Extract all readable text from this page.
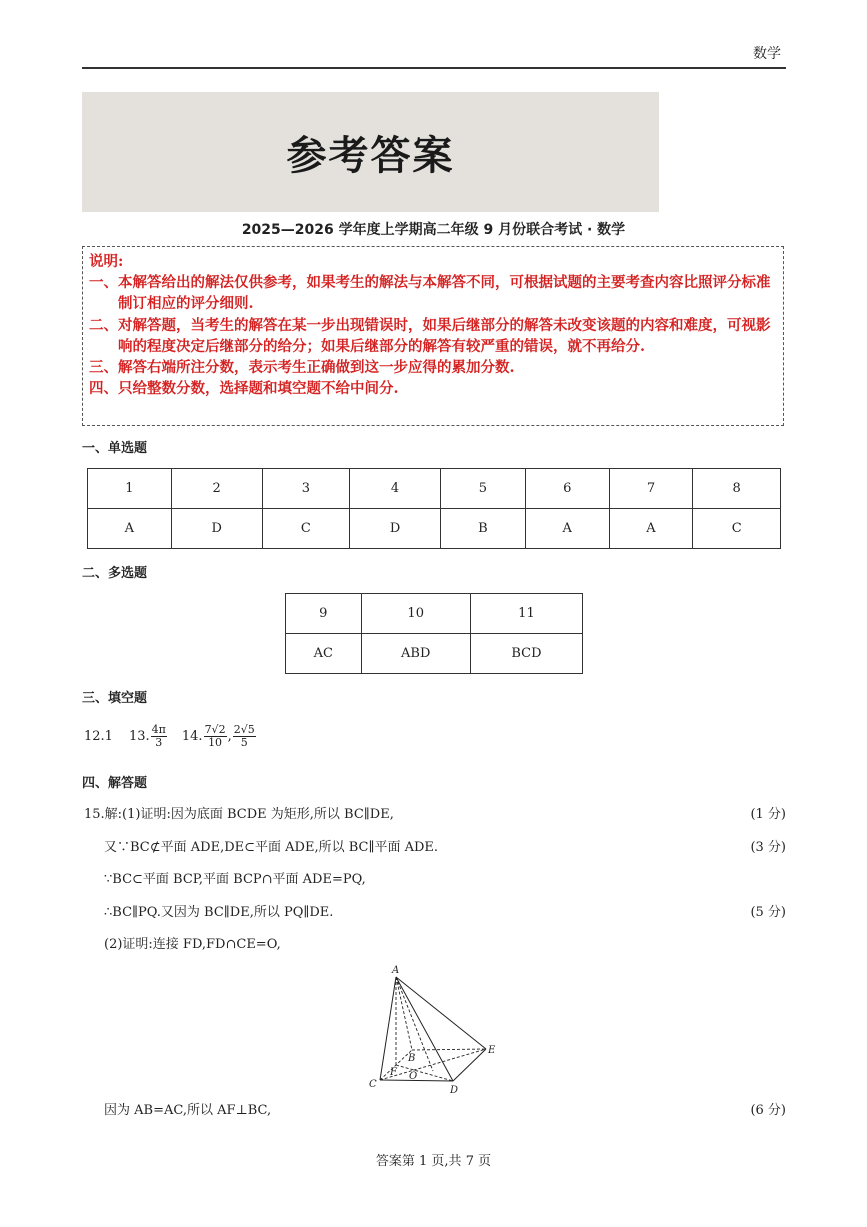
数学
参考答案
2025—2026 学年度上学期高二年级 9 月份联合考试 · 数学
说明:
一、 本解答给出的解法仅供参考，如果考生的解法与本解答不同，可根据试题的主要考查内容比照评分标准制订相应的评分细则.
二、 对解答题，当考生的解答在某一步出现错误时，如果后继部分的解答未改变该题的内容和难度，可视影响的程度决定后继部分的给分；如果后继部分的解答有较严重的错误，就不再给分.
三、 解答右端所注分数，表示考生正确做到这一步应得的累加分数.
四、 只给整数分数，选择题和填空题不给中间分.
一、单选题
1	2	3	4	5	6	7	8
A	D	C	D	B	A	A	C
二、多选题
9	10	11
AC	ABD	BCD
三、填空题
12.1 13. $\frac{4\pi}{3} 14$. $\frac{7√2}{10}$ , $\frac{2√5}{5}$
四、解答题
15.解:(1)证明:因为底面 BCDE 为矩形,所以 BC∥DE,	(1 分)
又∵BC⊄平面 ADE,DE⊂平面 ADE,所以 BC∥平面 ADE.	(3 分)
∵BC⊂平面 BCP,平面 BCP∩平面 ADE=PQ,
∴BC∥PQ.又因为 BC∥DE,所以 PQ∥DE.	(5 分)
(2)证明:连接 FD,FD∩CE=O,
A
B
C
D
E
F O
因为 AB=AC,所以 AF⊥BC,	(6 分)
答案第 1 页,共 7 页
